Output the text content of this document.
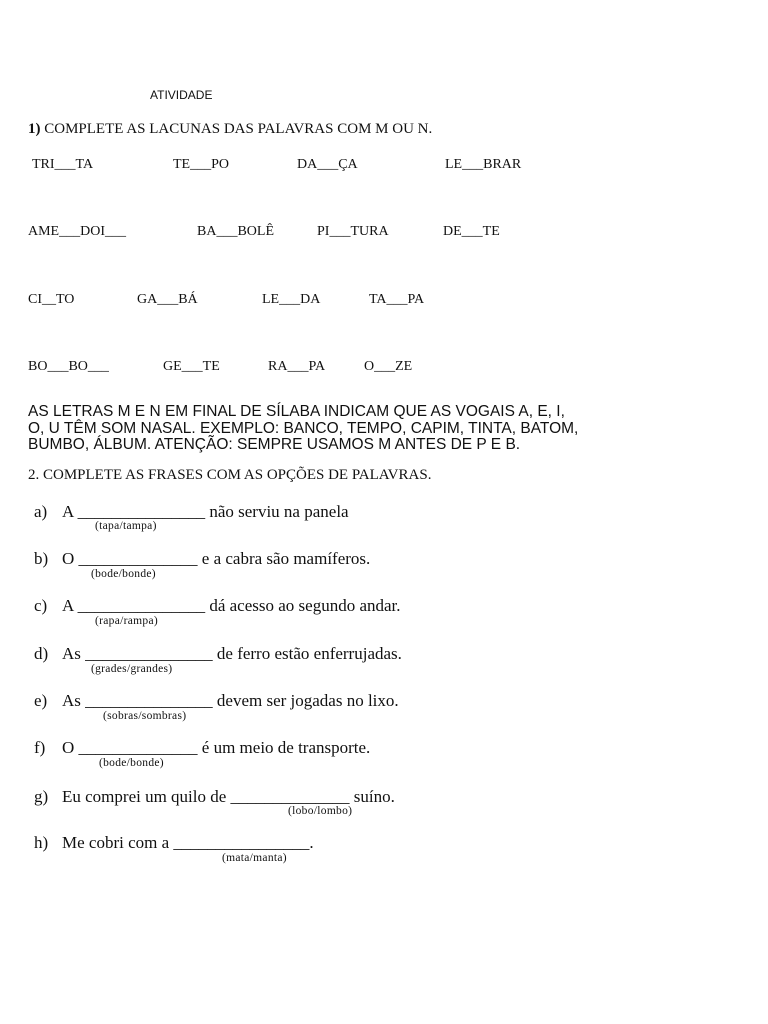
ATIVIDADE
1) COMPLETE AS LACUNAS DAS PALAVRAS COM M OU N.
TRI___TA	TE___PO	DA___ÇA	LE___BRAR
AME___DOI___	BA___BOLÊ	PI___TURA	DE___TE
CI__TO	GA___BÁ	LE___DA	TA___PA
BO___BO___	GE___TE	RA___PA	O___ZE
AS LETRAS M E N EM FINAL DE SÍLABA INDICAM QUE AS VOGAIS A, E, I,
O, U TÊM SOM NASAL. EXEMPLO: BANCO, TEMPO, CAPIM, TINTA, BATOM,
BUMBO, ÁLBUM. ATENÇÃO: SEMPRE USAMOS M ANTES DE P E B.
2. COMPLETE AS FRASES COM AS OPÇÕES DE PALAVRAS.
a) A _______________ não serviu na panela
(tapa/tampa)
b) O ______________ e a cabra são mamíferos.
(bode/bonde)
c) A _______________ dá acesso ao segundo andar.
(rapa/rampa)
d) As _______________ de ferro estão enferrujadas.
(grades/grandes)
e) As _______________ devem ser jogadas no lixo.
(sobras/sombras)
f) O ______________ é um meio de transporte.
(bode/bonde)
g) Eu comprei um quilo de ______________ suíno.
(lobo/lombo)
h) Me cobri com a ________________.
(mata/manta)
